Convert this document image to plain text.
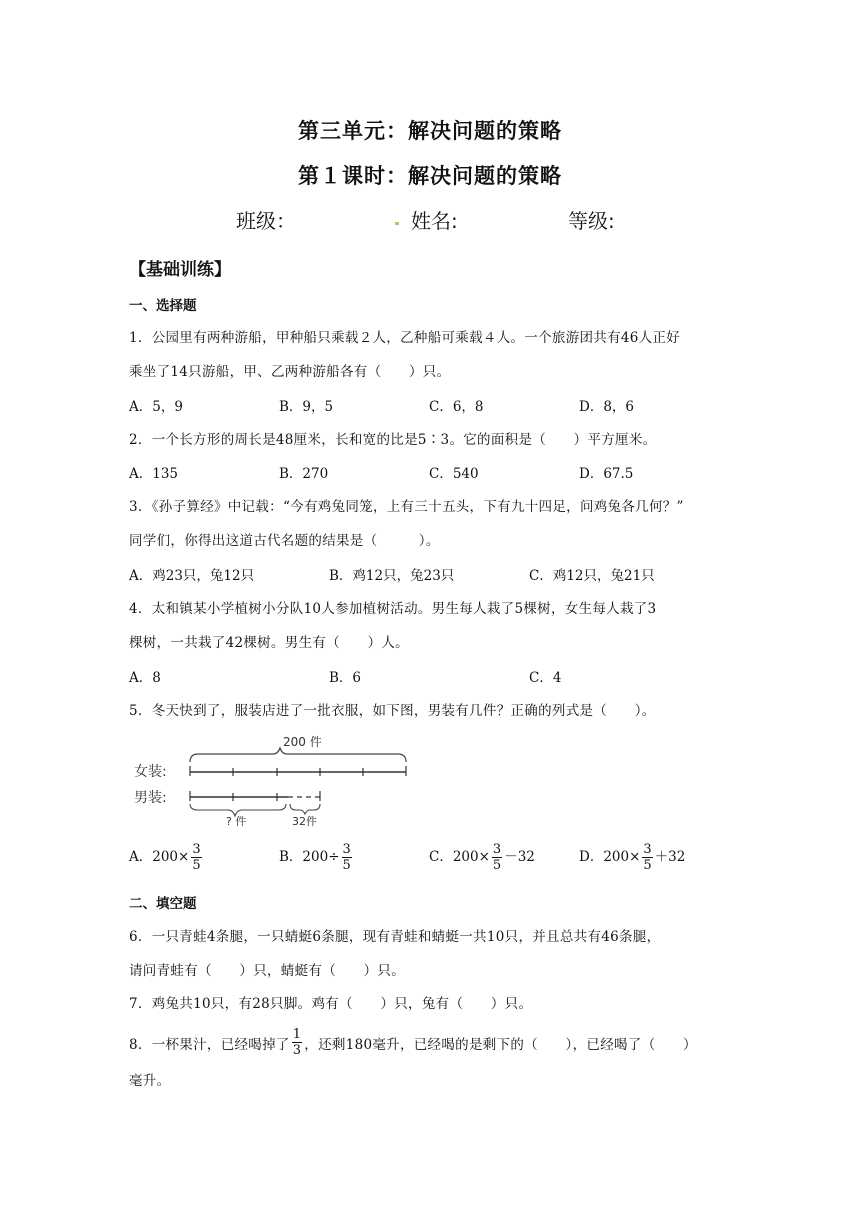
第三单元：解决问题的策略
第１课时：解决问题的策略
班级：	姓名:	等级:
【基础训练】
一、选择题
1．公园里有两种游船，甲种船只乘载２人，乙种船可乘载４人。一个旅游团共有46人正好
乘坐了14只游船，甲、乙两种游船各有（　　）只。
A．5，9	B．9，5	C．6，8	D．8，6
2．一个长方形的周长是48厘米，长和宽的比是5∶3。它的面积是（　　）平方厘米。
A．135	B．270	C．540	D．67.5
3．《孙子算经》中记载：“今有鸡兔同笼，上有三十五头，下有九十四足，问鸡兔各几何？”
同学们，你得出这道古代名题的结果是（　　　）。
A．鸡23只，兔12只	B．鸡12只，兔23只	C．鸡12只，兔21只
4．太和镇某小学植树小分队10人参加植树活动。男生每人栽了5棵树，女生每人栽了3
棵树，一共栽了42棵树。男生有（　　）人。
A．8	B．6	C．4
5．冬天快到了，服装店进了一批衣服，如下图，男装有几件？正确的列式是（　　）。
200 件
女装:
男装:
? 件	32件
A．$200\times \frac{3}{5}$	B．$200\div \frac{3}{5}$	C．$200\times \frac{3}{5} -32$	D．$200\times \frac{3}{5} +32$
二、填空题
6．一只青蛙4条腿，一只蜻蜓6条腿，现有青蛙和蜻蜓一共10只，并且总共有46条腿，
请问青蛙有（　　）只，蜻蜓有（　　）只。
7．鸡兔共10只，有28只脚。鸡有（　　）只，兔有（　　）只。
8．一杯果汁，已经喝掉了 $\frac{1}{3}$ ，还剩180毫升，已经喝的是剩下的（　　），已经喝了（　　）
毫升。
